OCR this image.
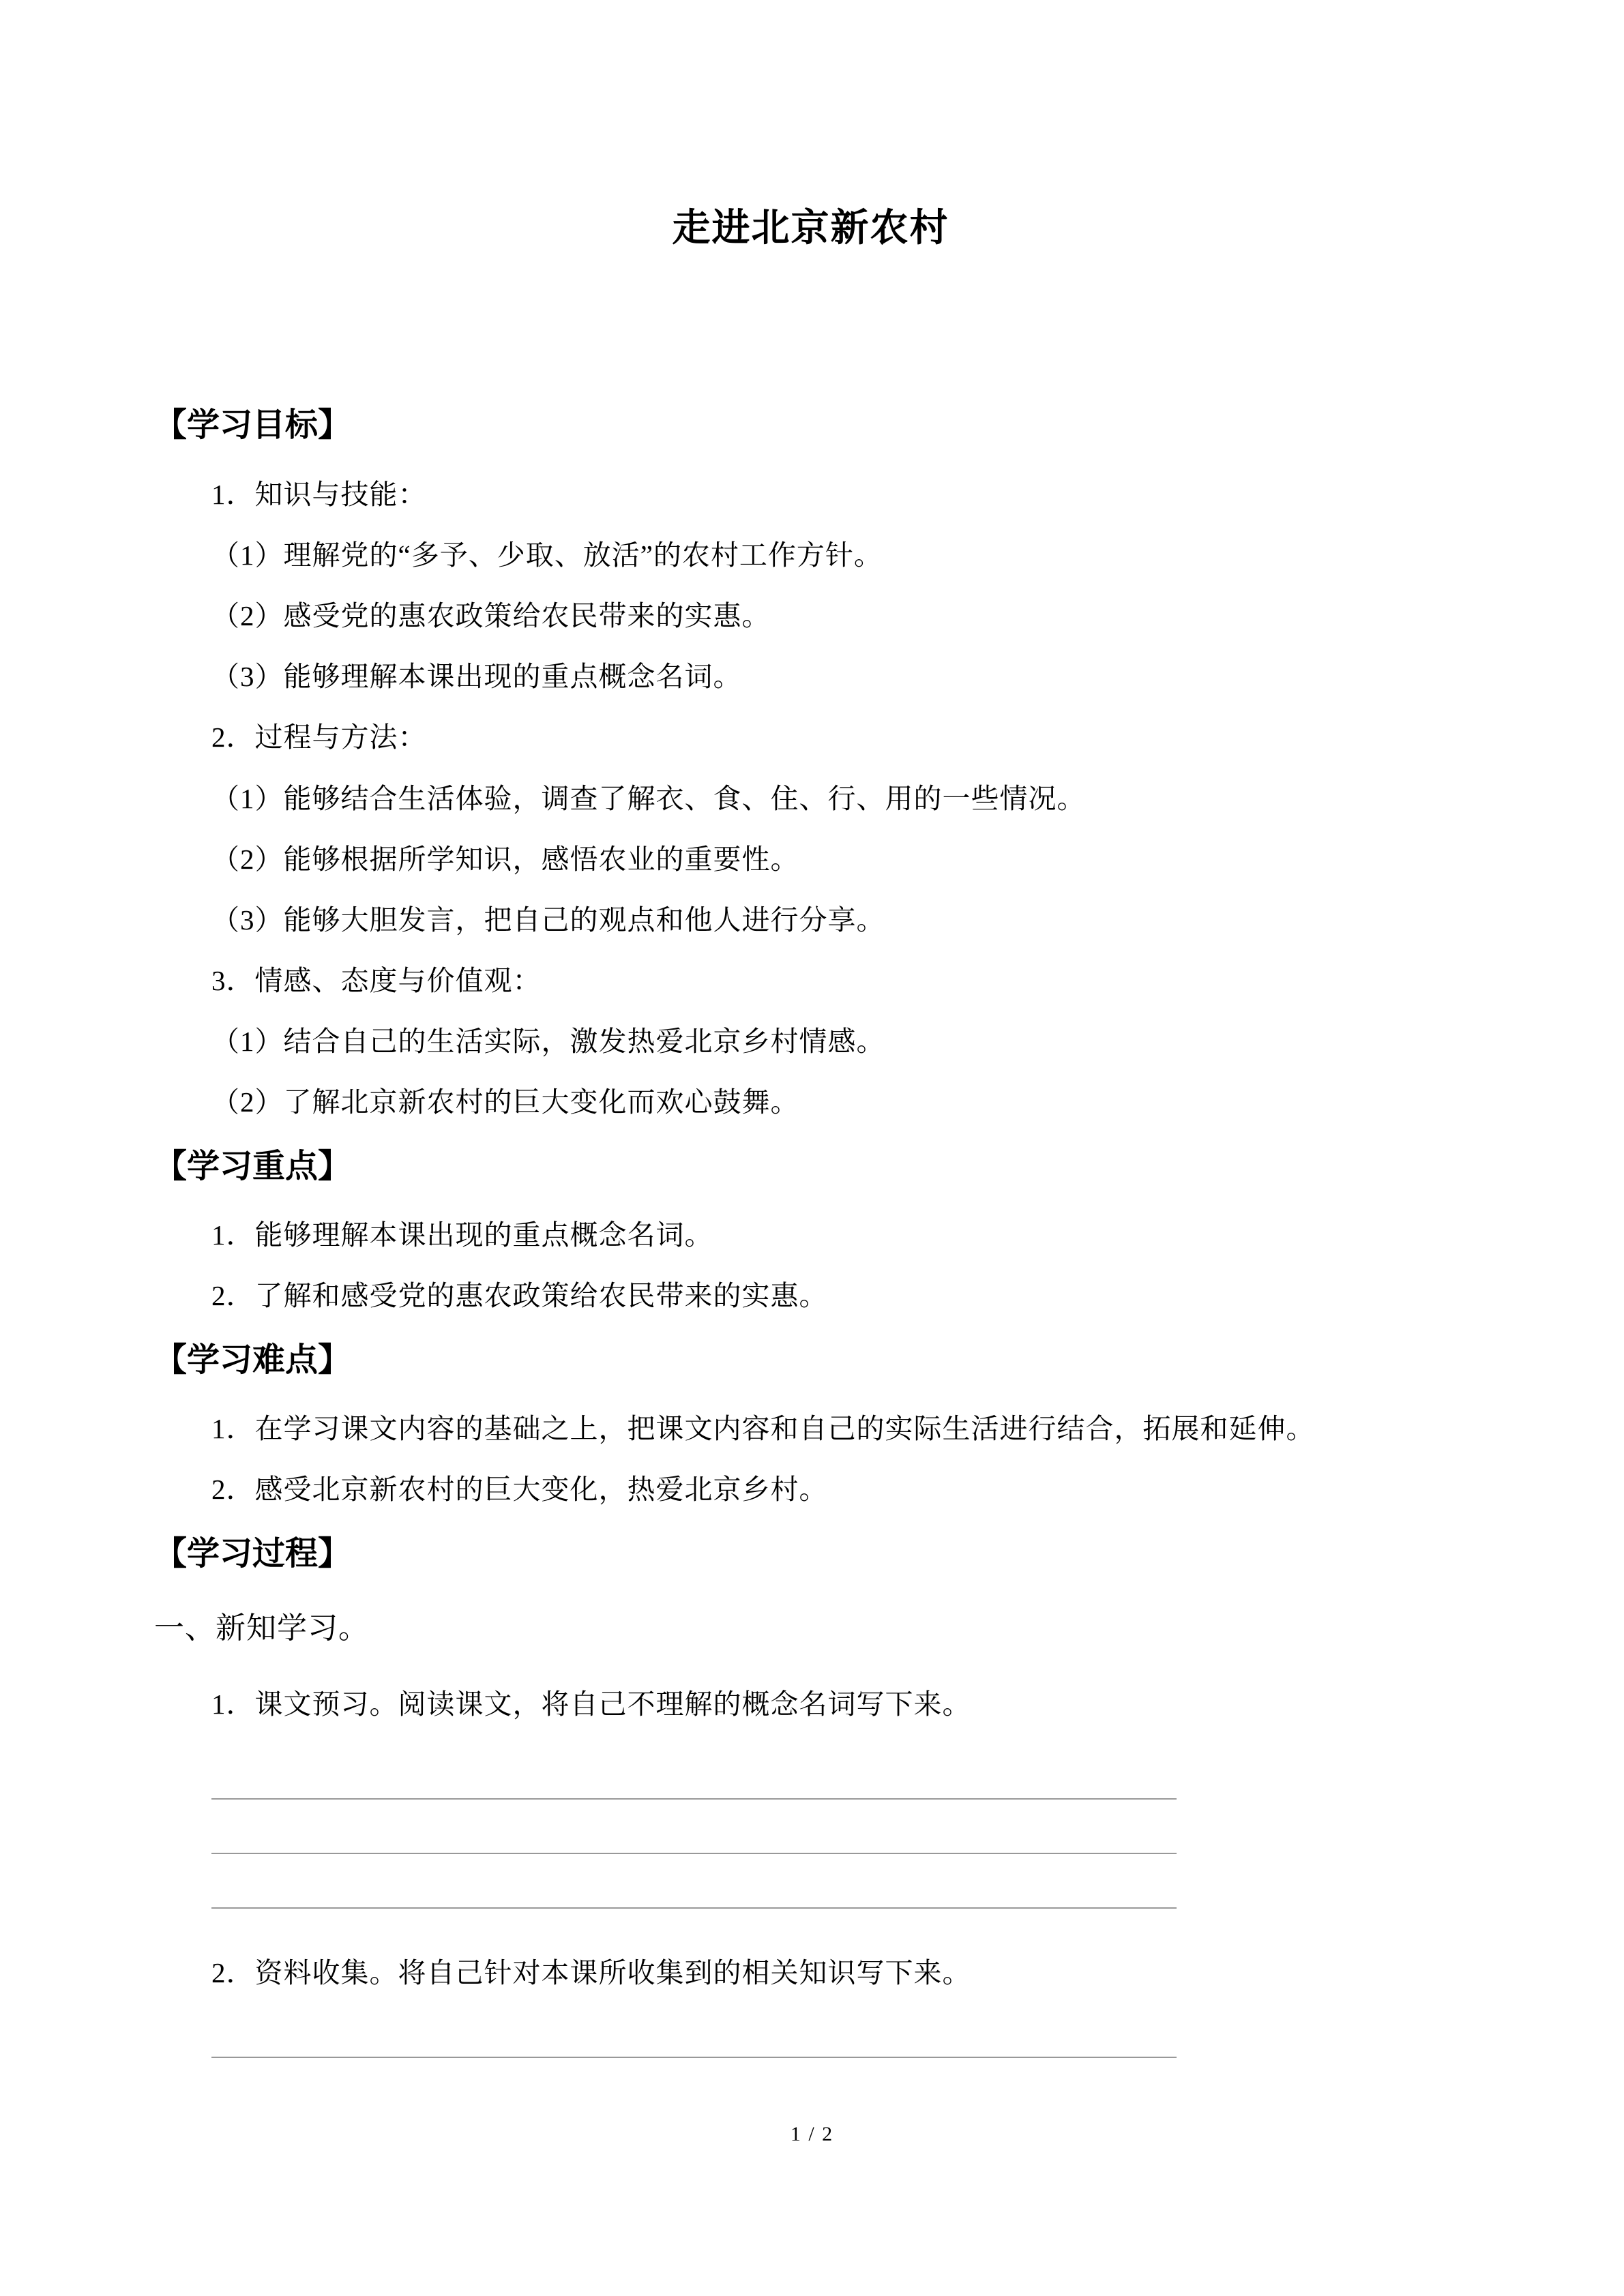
走进北京新农村
【学习目标】

1．知识与技能：

（1）理解党的“多予、少取、放活”的农村工作方针。

（2）感受党的惠农政策给农民带来的实惠。

（3）能够理解本课出现的重点概念名词。

2．过程与方法：

（1）能够结合生活体验，调查了解衣、食、住、行、用的一些情况。

（2）能够根据所学知识，感悟农业的重要性。

（3）能够大胆发言，把自己的观点和他人进行分享。

3．情感、态度与价值观：

（1）结合自己的生活实际，激发热爱北京乡村情感。

（2）了解北京新农村的巨大变化而欢心鼓舞。

【学习重点】

1．能够理解本课出现的重点概念名词。

2．了解和感受党的惠农政策给农民带来的实惠。

【学习难点】

1．在学习课文内容的基础之上，把课文内容和自己的实际生活进行结合，拓展和延伸。

2．感受北京新农村的巨大变化，热爱北京乡村。

【学习过程】

一、新知学习。

1．课文预习。阅读课文，将自己不理解的概念名词写下来。

2．资料收集。将自己针对本课所收集到的相关知识写下来。

1 / 2
